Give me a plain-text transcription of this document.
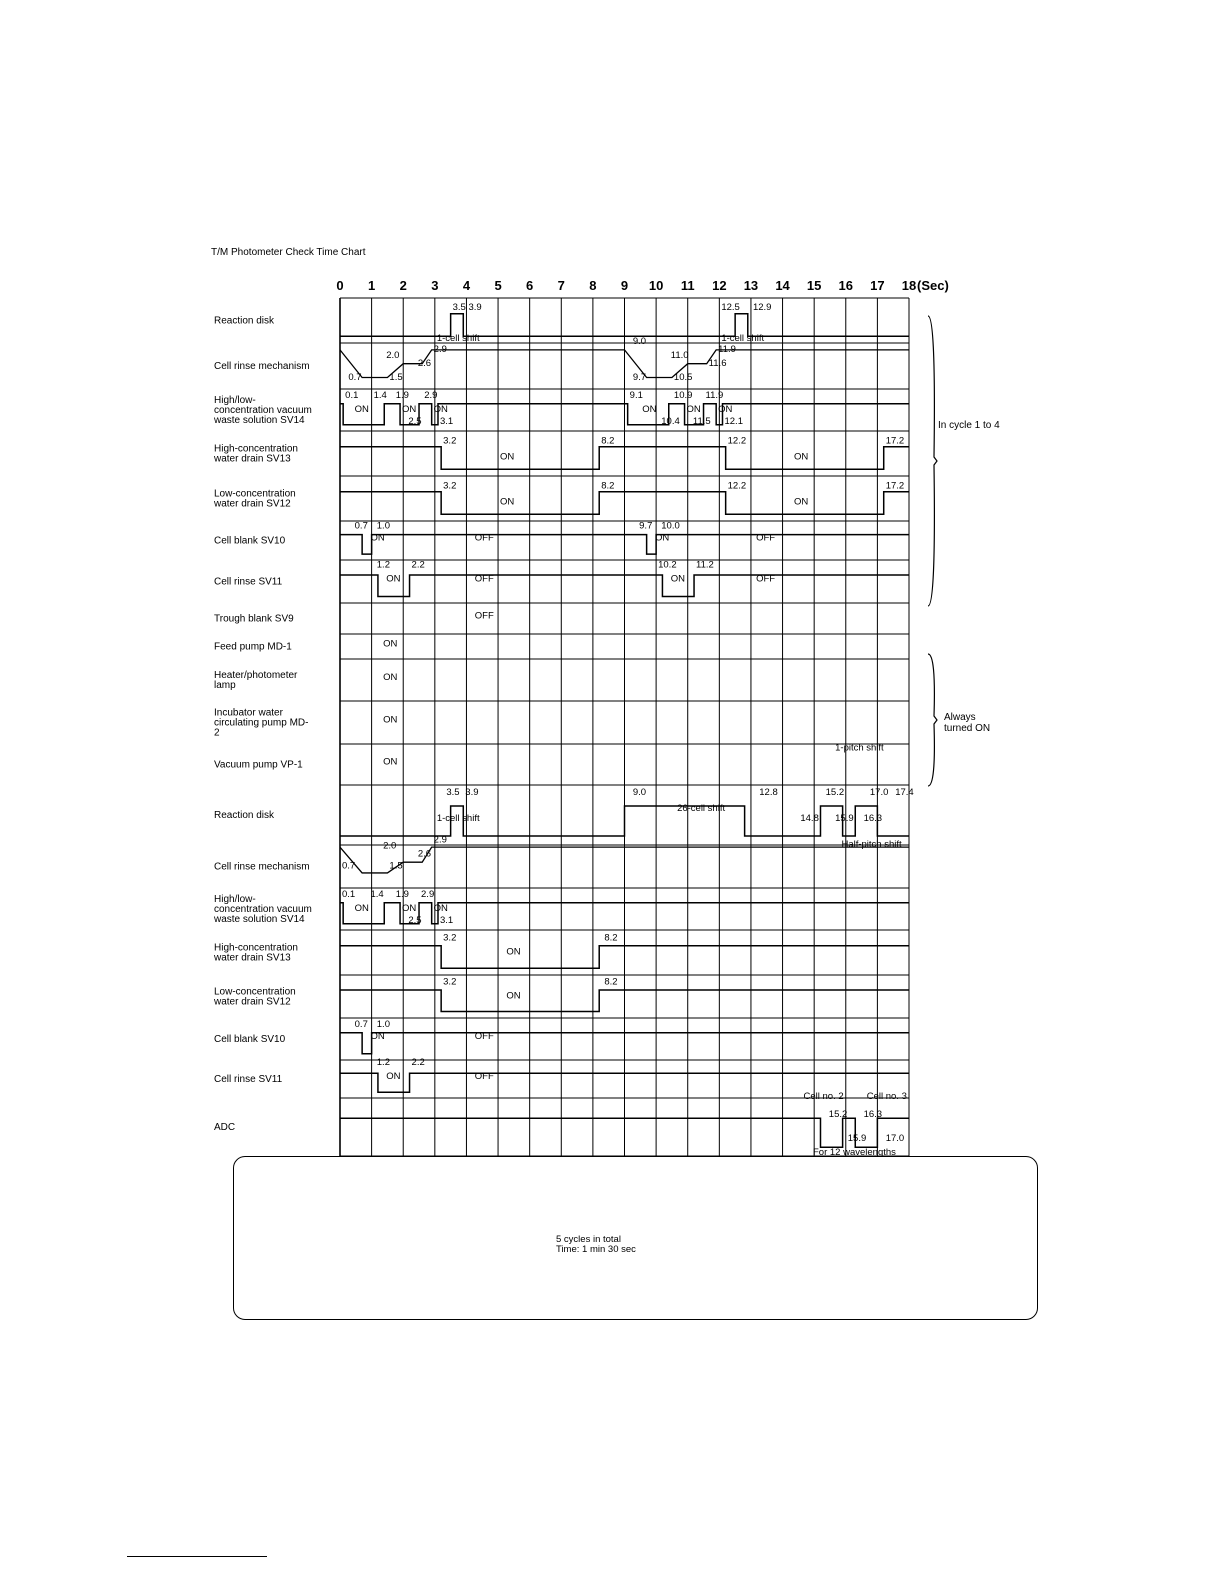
T/M Photometer Check Time Chart
0 1 2 3 4 5 6 7 8 9 10 11 12 13 14 15 16 17 18 (Sec)
Reaction disk
Cell rinse mechanism
High/low-concentration vacuum waste solution SV14
High-concentration water drain SV13
Low-concentration water drain SV12
Cell blank SV10
Cell rinse SV11
Trough blank SV9
Feed pump MD-1
Heater/photometer lamp
Incubator water circulating pump MD-2
Vacuum pump VP-1
Reaction disk
Cell rinse mechanism
High/low-concentration vacuum waste solution SV14
High-concentration water drain SV13
Low-concentration water drain SV12
Cell blank SV10
Cell rinse SV11
ADC
3.5 3.9
1-cell shift
12.5 12.9
1-cell shift
2.0
2.9
2.6
0.7	1.5
9.0
11.0
11.9
11.6
9.7	10.5
0.1 1.4 1.9 2.9
ON	ON ON
2.5 3.1
9.1	10.9 11.9
ON	ON ON
10.4 11.5 12.1
3.2
ON
8.2	12.2
ON
17.2
3.2
ON
8.2	12.2
ON
17.2
0.7 1.0
ON	OFF
9.7 10.0
ON	OFF
1.2 2.2
ON	OFF
10.2 11.2
ON	OFF
OFF
ON
ON
ON
ON
1-pitch shift
3.5 3.9
1-cell shift
9.0
26-cell shift
12.8	15.2	17.0 17.4
14.8 15.9 16.3
Half-pitch shift
2.0
2.9
2.6
0.7	1.5
0.1 1.4 1.9 2.9
ON	ON ON
2.5 3.1
3.2
ON
8.2
3.2
ON
8.2
0.7 1.0
ON	OFF
1.2 2.2
ON	OFF
Cell no. 2 Cell no. 3
15.2 16.3
15.9 17.0
For 12 wavelengths
In cycle 1 to 4
Always
turned ON
5 cycles in total
Time: 1 min 30 sec
